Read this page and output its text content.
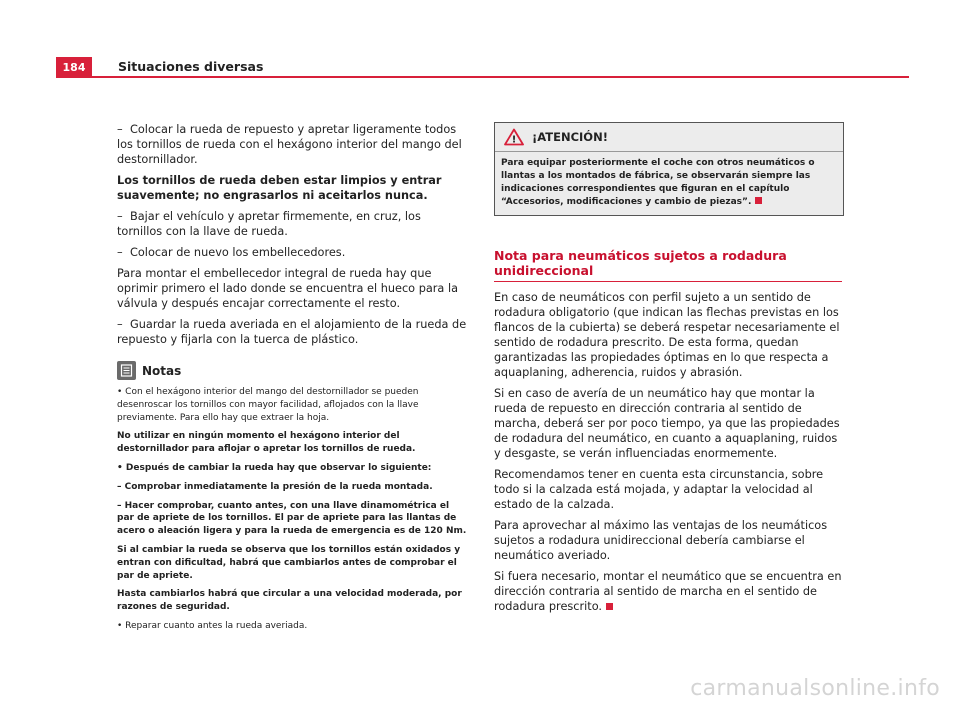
184	Situaciones diversas

– Colocar la rueda de repuesto y apretar ligeramente todos los tornillos de rueda con el hexágono interior del mango del destornillador.

Los tornillos de rueda deben estar limpios y entrar suavemente; no engrasarlos ni aceitarlos nunca.

– Bajar el vehículo y apretar firmemente, en cruz, los tornillos con la llave de rueda.

– Colocar de nuevo los embellecedores.

Para montar el embellecedor integral de rueda hay que oprimir primero el lado donde se encuentra el hueco para la válvula y después encajar correctamente el resto.

– Guardar la rueda averiada en el alojamiento de la rueda de repuesto y fijarla con la tuerca de plástico.

Notas

• Con el hexágono interior del mango del destornillador se pueden desenroscar los tornillos con mayor facilidad, aflojados con la llave previamente. Para ello hay que extraer la hoja.

No utilizar en ningún momento el hexágono interior del destornillador para aflojar o apretar los tornillos de rueda.

• Después de cambiar la rueda hay que observar lo siguiente:

– Comprobar inmediatamente la presión de la rueda montada.

– Hacer comprobar, cuanto antes, con una llave dinamométrica el par de apriete de los tornillos. El par de apriete para las llantas de acero o aleación ligera y para la rueda de emergencia es de 120 Nm.

Si al cambiar la rueda se observa que los tornillos están oxidados y entran con dificultad, habrá que cambiarlos antes de comprobar el par de apriete.

Hasta cambiarlos habrá que circular a una velocidad moderada, por razones de seguridad.

• Reparar cuanto antes la rueda averiada.

! ¡ATENCIÓN!
Para equipar posteriormente el coche con otros neumáticos o llantas a los montados de fábrica, se observarán siempre las indicaciones correspondientes que figuran en el capítulo “Accesorios, modificaciones y cambio de piezas”.
Nota para neumáticos sujetos a rodadura unidireccional

En caso de neumáticos con perfil sujeto a un sentido de rodadura obligatorio (que indican las flechas previstas en los flancos de la cubierta) se deberá respetar necesariamente el sentido de rodadura prescrito. De esta forma, quedan garantizadas las propiedades óptimas en lo que respecta a aquaplaning, adherencia, ruidos y abrasión.

Si en caso de avería de un neumático hay que montar la rueda de repuesto en dirección contraria al sentido de marcha, deberá ser por poco tiempo, ya que las propiedades de rodadura del neumático, en cuanto a aquaplaning, ruidos y desgaste, se verán influenciadas enormemente.

Recomendamos tener en cuenta esta circunstancia, sobre todo si la calzada está mojada, y adaptar la velocidad al estado de la calzada.

Para aprovechar al máximo las ventajas de los neumáticos sujetos a rodadura unidireccional debería cambiarse el neumático averiado.

Si fuera necesario, montar el neumático que se encuentra en dirección contraria al sentido de marcha en el sentido de rodadura prescrito.

carmanualsonline.info
